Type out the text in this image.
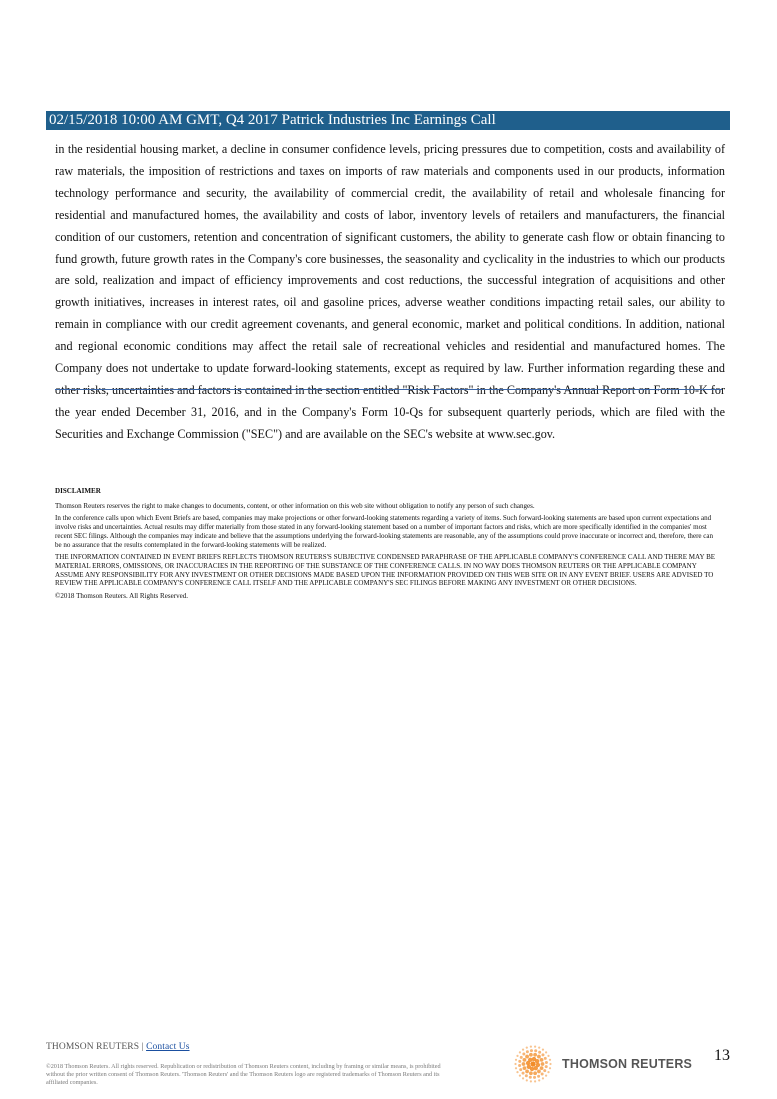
02/15/2018 10:00 AM GMT, Q4 2017 Patrick Industries Inc Earnings Call

in the residential housing market, a decline in consumer confidence levels, pricing pressures due to competition, costs and availability of raw materials, the imposition of restrictions and taxes on imports of raw materials and components used in our products, information technology performance and security, the availability of commercial credit, the availability of retail and wholesale financing for residential and manufactured homes, the availability and costs of labor, inventory levels of retailers and manufacturers, the financial condition of our customers, retention and concentration of significant customers, the ability to generate cash flow or obtain financing to fund growth, future growth rates in the Company's core businesses, the seasonality and cyclicality in the industries to which our products are sold, realization and impact of efficiency improvements and cost reductions, the successful integration of acquisitions and other growth initiatives, increases in interest rates, oil and gasoline prices, adverse weather conditions impacting retail sales, our ability to remain in compliance with our credit agreement covenants, and general economic, market and political conditions. In addition, national and regional economic conditions may affect the retail sale of recreational vehicles and residential and manufactured homes. The Company does not undertake to update forward-looking statements, except as required by law. Further information regarding these and other risks, uncertainties and factors is contained in the section entitled "Risk Factors" in the Company's Annual Report on Form 10-K for the year ended December 31, 2016, and in the Company's Form 10-Qs for subsequent quarterly periods, which are filed with the Securities and Exchange Commission ("SEC") and are available on the SEC's website at www.sec.gov.

DISCLAIMER

Thomson Reuters reserves the right to make changes to documents, content, or other information on this web site without obligation to notify any person of such changes.

In the conference calls upon which Event Briefs are based, companies may make projections or other forward-looking statements regarding a variety of items. Such forward-looking statements are based upon current expectations and involve risks and uncertainties. Actual results may differ materially from those stated in any forward-looking statement based on a number of important factors and risks, which are more specifically identified in the companies' most recent SEC filings. Although the companies may indicate and believe that the assumptions underlying the forward-looking statements are reasonable, any of the assumptions could prove inaccurate or incorrect and, therefore, there can be no assurance that the results contemplated in the forward-looking statements will be realized.

THE INFORMATION CONTAINED IN EVENT BRIEFS REFLECTS THOMSON REUTERS'S SUBJECTIVE CONDENSED PARAPHRASE OF THE APPLICABLE COMPANY'S CONFERENCE CALL AND THERE MAY BE MATERIAL ERRORS, OMISSIONS, OR INACCURACIES IN THE REPORTING OF THE SUBSTANCE OF THE CONFERENCE CALLS. IN NO WAY DOES THOMSON REUTERS OR THE APPLICABLE COMPANY ASSUME ANY RESPONSIBILITY FOR ANY INVESTMENT OR OTHER DECISIONS MADE BASED UPON THE INFORMATION PROVIDED ON THIS WEB SITE OR IN ANY EVENT BRIEF. USERS ARE ADVISED TO REVIEW THE APPLICABLE COMPANY'S CONFERENCE CALL ITSELF AND THE APPLICABLE COMPANY'S SEC FILINGS BEFORE MAKING ANY INVESTMENT OR OTHER DECISIONS.

©2018 Thomson Reuters. All Rights Reserved.

THOMSON REUTERS | Contact Us
©2018 Thomson Reuters. All rights reserved. Republication or redistribution of Thomson Reuters content, including by framing or similar means, is prohibited without the prior written consent of Thomson Reuters. 'Thomson Reuters' and the Thomson Reuters logo are registered trademarks of Thomson Reuters and its affiliated companies.
THOMSON REUTERS 13
